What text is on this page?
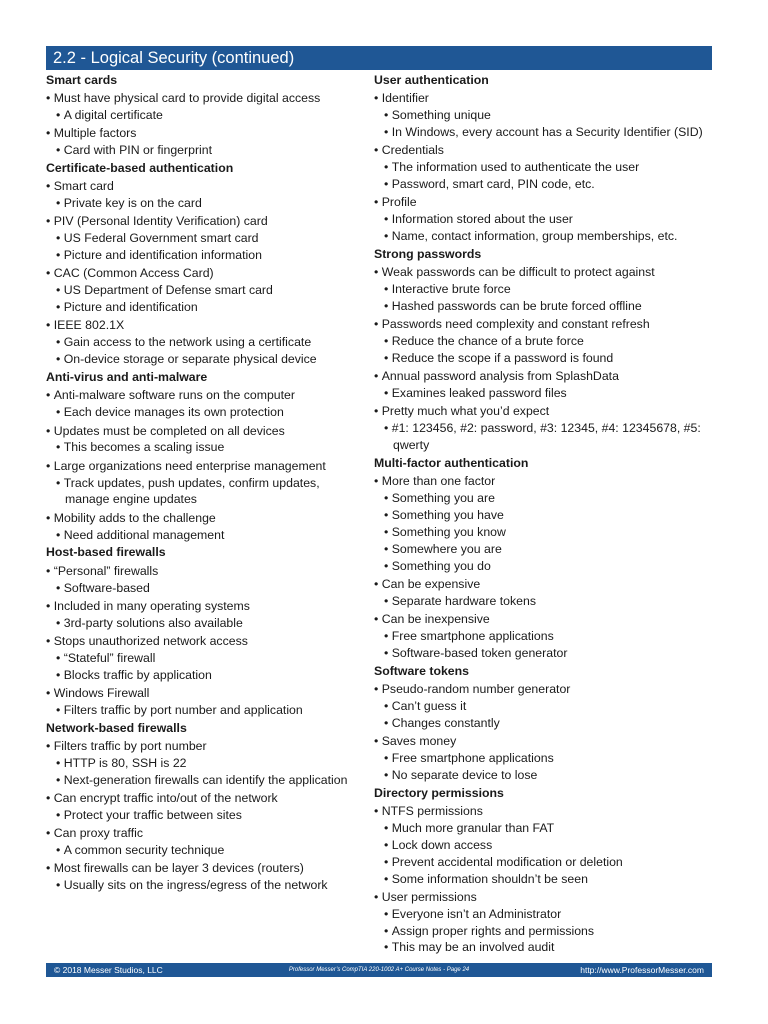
2.2 - Logical Security (continued)
Smart cards
• Must have physical card to provide digital access
• A digital certificate
• Multiple factors
• Card with PIN or fingerprint
Certificate-based authentication
• Smart card
• Private key is on the card
• PIV (Personal Identity Verification) card
• US Federal Government smart card
• Picture and identification information
• CAC (Common Access Card)
• US Department of Defense smart card
• Picture and identification
• IEEE 802.1X
• Gain access to the network using a certificate
• On-device storage or separate physical device
Anti-virus and anti-malware
• Anti-malware software runs on the computer
• Each device manages its own protection
• Updates must be completed on all devices
• This becomes a scaling issue
• Large organizations need enterprise management
• Track updates, push updates, confirm updates, manage engine updates
• Mobility adds to the challenge
• Need additional management
Host-based firewalls
• “Personal” firewalls
• Software-based
• Included in many operating systems
• 3rd-party solutions also available
• Stops unauthorized network access
• “Stateful” firewall
• Blocks traffic by application
• Windows Firewall
• Filters traffic by port number and application
Network-based firewalls
• Filters traffic by port number
• HTTP is 80, SSH is 22
• Next-generation firewalls can identify the application
• Can encrypt traffic into/out of the network
• Protect your traffic between sites
• Can proxy traffic
• A common security technique
• Most firewalls can be layer 3 devices (routers)
• Usually sits on the ingress/egress of the network
User authentication
• Identifier
• Something unique
• In Windows, every account has a Security Identifier (SID)
• Credentials
• The information used to authenticate the user
• Password, smart card, PIN code, etc.
• Profile
• Information stored about the user
• Name, contact information, group memberships, etc.
Strong passwords
• Weak passwords can be difficult to protect against
• Interactive brute force
• Hashed passwords can be brute forced offline
• Passwords need complexity and constant refresh
• Reduce the chance of a brute force
• Reduce the scope if a password is found
• Annual password analysis from SplashData
• Examines leaked password files
• Pretty much what you’d expect
• #1: 123456, #2: password, #3: 12345, #4: 12345678, #5: qwerty
Multi-factor authentication
• More than one factor
• Something you are
• Something you have
• Something you know
• Somewhere you are
• Something you do
• Can be expensive
• Separate hardware tokens
• Can be inexpensive
• Free smartphone applications
• Software-based token generator
Software tokens
• Pseudo-random number generator
• Can’t guess it
• Changes constantly
• Saves money
• Free smartphone applications
• No separate device to lose
Directory permissions
• NTFS permissions
• Much more granular than FAT
• Lock down access
• Prevent accidental modification or deletion
• Some information shouldn’t be seen
• User permissions
• Everyone isn’t an Administrator
• Assign proper rights and permissions
• This may be an involved audit
© 2018 Messer Studios, LLC	Professor Messer’s CompTIA 220-1002 A+ Course Notes - Page 24	http://www.ProfessorMesser.com
